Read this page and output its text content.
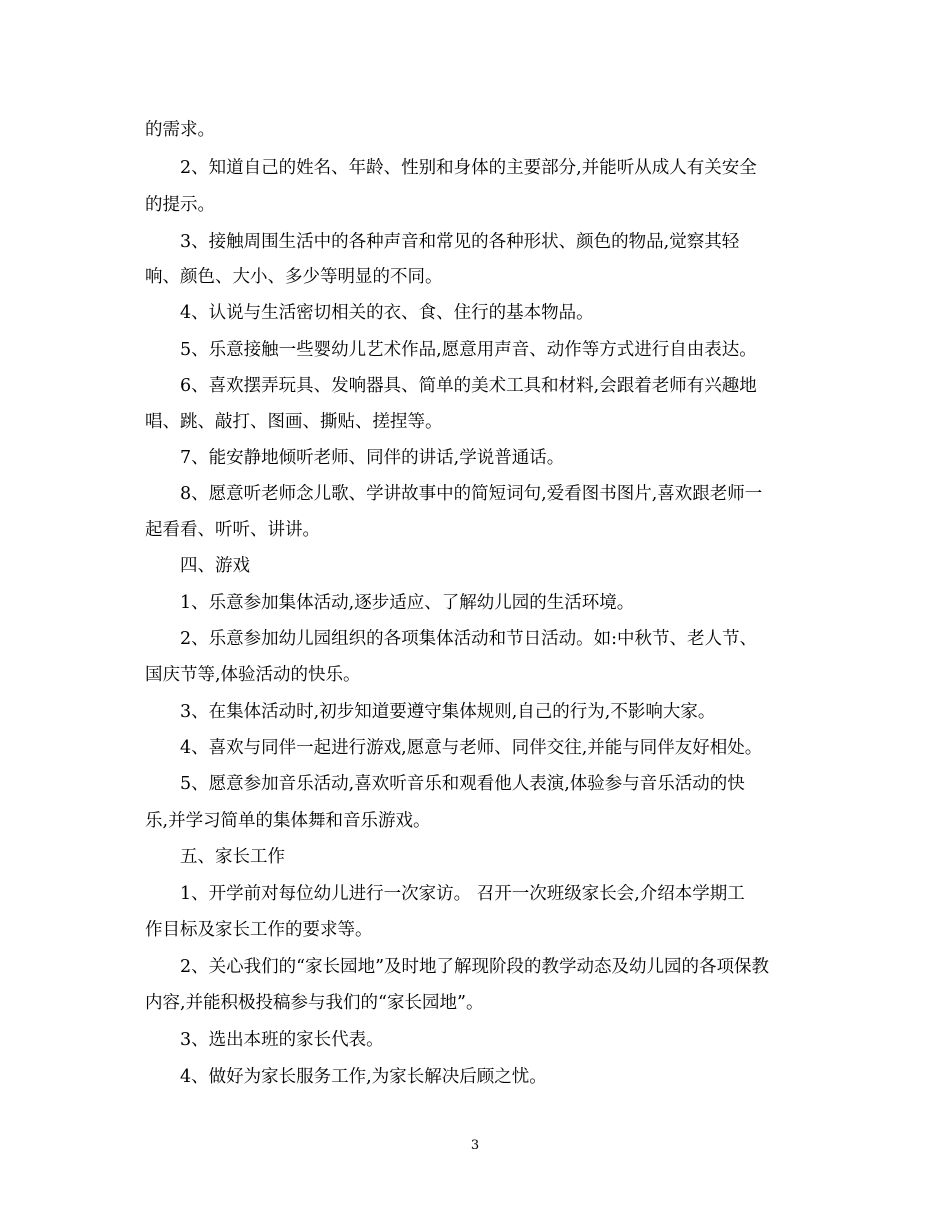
的需求。
2、知道自己的姓名、年龄、性别和身体的主要部分,并能听从成人有关安全
的提示。
3、接触周围生活中的各种声音和常见的各种形状、颜色的物品,觉察其轻
响、颜色、大小、多少等明显的不同。
4、认说与生活密切相关的衣、食、住行的基本物品。
5、乐意接触一些婴幼儿艺术作品,愿意用声音、动作等方式进行自由表达。
6、喜欢摆弄玩具、发响器具、简单的美术工具和材料,会跟着老师有兴趣地
唱、跳、敲打、图画、撕贴、搓捏等。
7、能安静地倾听老师、同伴的讲话,学说普通话。
8、愿意听老师念儿歌、学讲故事中的简短词句,爱看图书图片,喜欢跟老师一
起看看、听听、讲讲。
四、游戏
1、乐意参加集体活动,逐步适应、了解幼儿园的生活环境。
2、乐意参加幼儿园组织的各项集体活动和节日活动。如:中秋节、老人节、
国庆节等,体验活动的快乐。
3、在集体活动时,初步知道要遵守集体规则,自己的行为,不影响大家。
4、喜欢与同伴一起进行游戏,愿意与老师、同伴交往,并能与同伴友好相处。
5、愿意参加音乐活动,喜欢听音乐和观看他人表演,体验参与音乐活动的快
乐,并学习简单的集体舞和音乐游戏。
五、家长工作
1、开学前对每位幼儿进行一次家访。 召开一次班级家长会,介绍本学期工
作目标及家长工作的要求等。
2、关心我们的“家长园地”及时地了解现阶段的教学动态及幼儿园的各项保教
内容,并能积极投稿参与我们的“家长园地”。
3、选出本班的家长代表。
4、做好为家长服务工作,为家长解决后顾之忧。
3
